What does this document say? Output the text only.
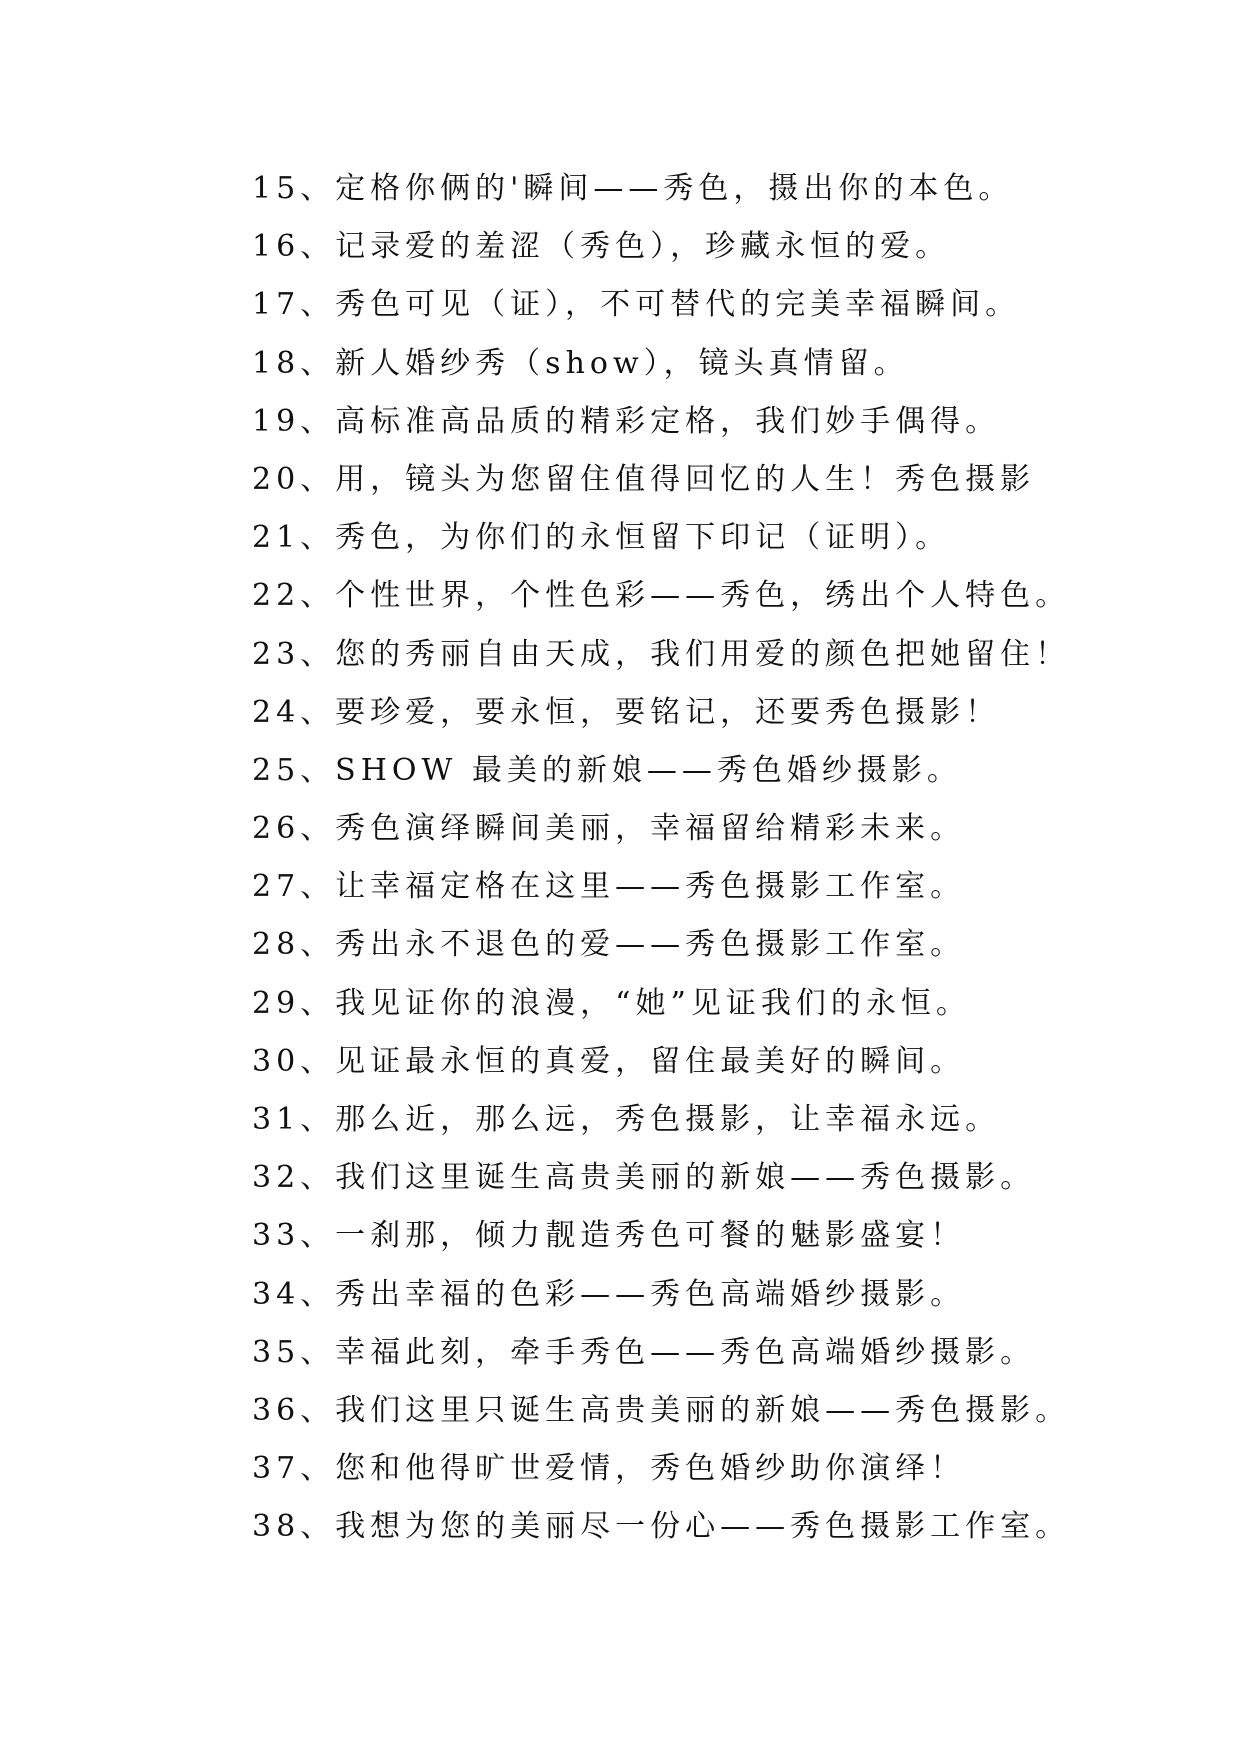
15、定格你俩的'瞬间——秀色，摄出你的本色。
16、记录爱的羞涩（秀色），珍藏永恒的爱。
17、秀色可见（证），不可替代的完美幸福瞬间。
18、新人婚纱秀（show），镜头真情留。
19、高标准高品质的精彩定格，我们妙手偶得。
20、用，镜头为您留住值得回忆的人生！秀色摄影
21、秀色，为你们的永恒留下印记（证明）。
22、个性世界，个性色彩——秀色，绣出个人特色。
23、您的秀丽自由天成，我们用爱的颜色把她留住！
24、要珍爱，要永恒，要铭记，还要秀色摄影！
25、SHOW 最美的新娘——秀色婚纱摄影。
26、秀色演绎瞬间美丽，幸福留给精彩未来。
27、让幸福定格在这里——秀色摄影工作室。
28、秀出永不退色的爱——秀色摄影工作室。
29、我见证你的浪漫，“她”见证我们的永恒。
30、见证最永恒的真爱，留住最美好的瞬间。
31、那么近，那么远，秀色摄影，让幸福永远。
32、我们这里诞生高贵美丽的新娘——秀色摄影。
33、一刹那，倾力靓造秀色可餐的魅影盛宴！
34、秀出幸福的色彩——秀色高端婚纱摄影。
35、幸福此刻，牵手秀色——秀色高端婚纱摄影。
36、我们这里只诞生高贵美丽的新娘——秀色摄影。
37、您和他得旷世爱情，秀色婚纱助你演绎！
38、我想为您的美丽尽一份心——秀色摄影工作室。
